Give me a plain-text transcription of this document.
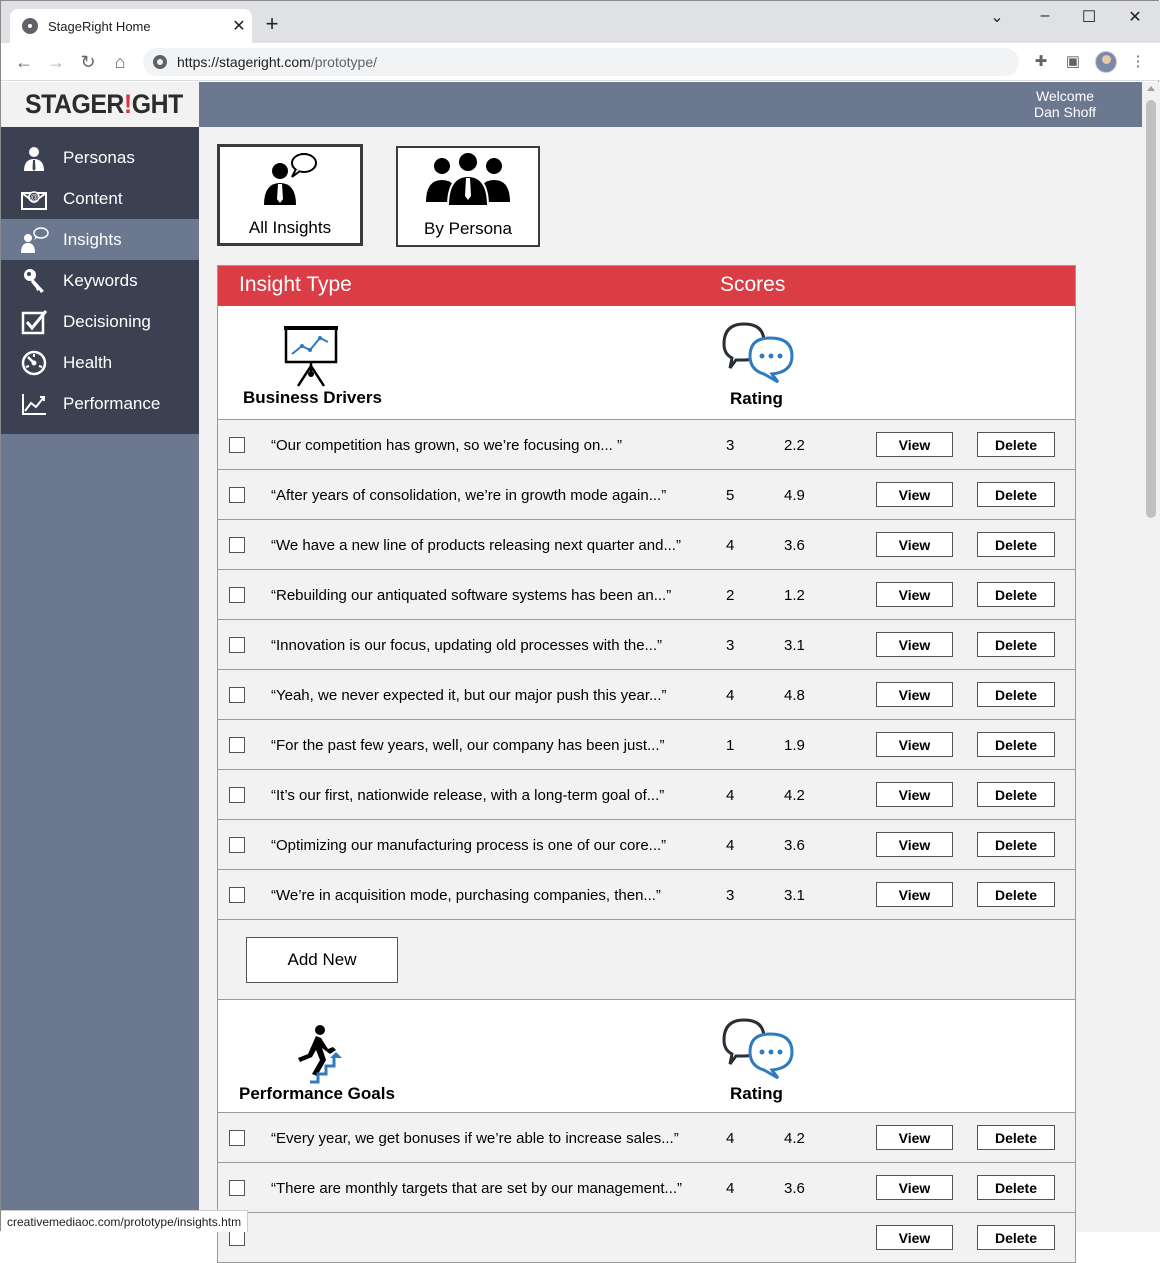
StageRight Home	✕ +	⌄	–	☐	✕
← → ↻	⌂	https://stageright.com/prototype/	✚ ▣	⋮
STAGER!GHT	Welcome
Dan Shoff
Personas
@ Content
Insights
Keywords
Decisioning
Health
Performance
All Insights	By Persona
Insight Type	Scores
Business Drivers	Rating
“Our competition has grown, so we’re focusing on... ”	3	2.2	View	Delete
“After years of consolidation, we’re in growth mode again...”	5	4.9	View	Delete
“We have a new line of products releasing next quarter and...”	4	3.6	View	Delete
“Rebuilding our antiquated software systems has been an...”	2	1.2	View	Delete
“Innovation is our focus, updating old processes with the...”	3	3.1	View	Delete
“Yeah, we never expected it, but our major push this year...”	4	4.8	View	Delete
“For the past few years, well, our company has been just...”	1	1.9	View	Delete
“It’s our first, nationwide release, with a long-term goal of...”	4	4.2	View	Delete
“Optimizing our manufacturing process is one of our core...”	4	3.6	View	Delete
“We’re in acquisition mode, purchasing companies, then...”	3	3.1	View	Delete
Add New
Performance Goals	Rating
“Every year, we get bonuses if we’re able to increase sales...”	4	4.2	View	Delete
“There are monthly targets that are set by our management...”	4	3.6	View	Delete
View	Delete
creativemediaoc.com/prototype/insights.htm
